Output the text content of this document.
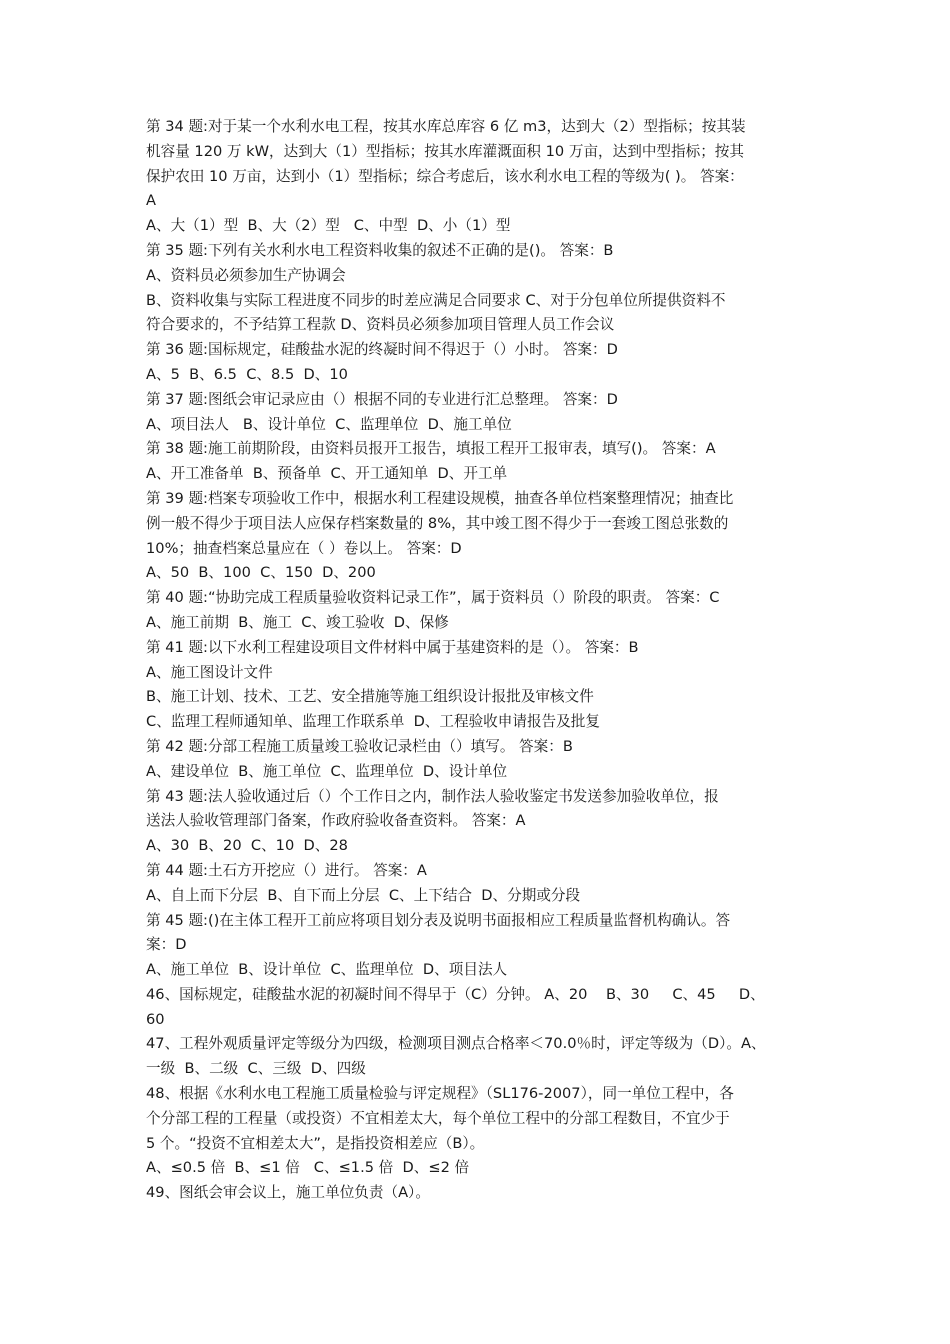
第 34 题:对于某一个水利水电工程，按其水库总库容 6 亿 m3，达到大（2）型指标；按其装
机容量 120 万 kW，达到大（1）型指标；按其水库灌溉面积 10 万亩，达到中型指标；按其
保护农田 10 万亩，达到小（1）型指标；综合考虑后，该水利水电工程的等级为( )。 答案：
A
A、大（1）型  B、大（2）型   C、中型  D、小（1）型
第 35 题:下列有关水利水电工程资料收集的叙述不正确的是()。 答案：B
A、资料员必须参加生产协调会
B、资料收集与实际工程进度不同步的时差应满足合同要求 C、对于分包单位所提供资料不
符合要求的，不予结算工程款 D、资料员必须参加项目管理人员工作会议
第 36 题:国标规定，硅酸盐水泥的终凝时间不得迟于（）小时。 答案：D
A、5  B、6.5  C、8.5  D、10
第 37 题:图纸会审记录应由（）根据不同的专业进行汇总整理。 答案：D
A、项目法人   B、设计单位  C、监理单位  D、施工单位
第 38 题:施工前期阶段，由资料员报开工报告，填报工程开工报审表，填写()。 答案：A
A、开工准备单  B、预备单  C、开工通知单  D、开工单
第 39 题:档案专项验收工作中，根据水利工程建设规模，抽查各单位档案整理情况；抽查比
例一般不得少于项目法人应保存档案数量的 8%，其中竣工图不得少于一套竣工图总张数的
10%；抽查档案总量应在（ ）卷以上。 答案：D
A、50  B、100  C、150  D、200
第 40 题:“协助完成工程质量验收资料记录工作”，属于资料员（）阶段的职责。 答案：C
A、施工前期  B、施工  C、竣工验收  D、保修
第 41 题:以下水利工程建设项目文件材料中属于基建资料的是（）。 答案：B
A、施工图设计文件
B、施工计划、技术、工艺、安全措施等施工组织设计报批及审核文件
C、监理工程师通知单、监理工作联系单  D、工程验收申请报告及批复
第 42 题:分部工程施工质量竣工验收记录栏由（）填写。 答案：B
A、建设单位  B、施工单位  C、监理单位  D、设计单位
第 43 题:法人验收通过后（）个工作日之内，制作法人验收鉴定书发送参加验收单位，报
送法人验收管理部门备案，作政府验收备查资料。 答案：A
A、30  B、20  C、10  D、28
第 44 题:土石方开挖应（）进行。 答案：A
A、自上而下分层  B、自下而上分层  C、上下结合  D、分期或分段
第 45 题:()在主体工程开工前应将项目划分表及说明书面报相应工程质量监督机构确认。答
案：D
A、施工单位  B、设计单位  C、监理单位  D、项目法人
46、国标规定，硅酸盐水泥的初凝时间不得早于（C）分钟。 A、20    B、30     C、45     D、
60
47、工程外观质量评定等级分为四级，检测项目测点合格率＜70.0％时，评定等级为（D）。A、
一级  B、二级  C、三级  D、四级
48、根据《水利水电工程施工质量检验与评定规程》（SL176-2007），同一单位工程中，各
个分部工程的工程量（或投资）不宜相差太大，每个单位工程中的分部工程数目，不宜少于
5 个。“投资不宜相差太大”，是指投资相差应（B）。
A、≤0.5 倍  B、≤1 倍   C、≤1.5 倍  D、≤2 倍
49、图纸会审会议上，施工单位负责（A）。
